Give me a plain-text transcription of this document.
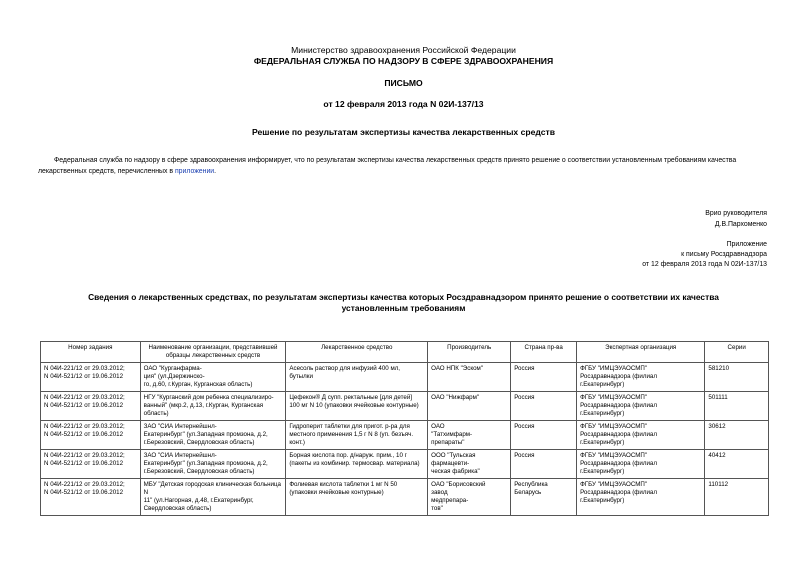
Министерство здравоохранения Российской Федерации
ФЕДЕРАЛЬНАЯ СЛУЖБА ПО НАДЗОРУ В СФЕРЕ ЗДРАВООХРАНЕНИЯ
ПИСЬМО
от 12 февраля 2013 года N 02И-137/13
Решение по результатам экспертизы качества лекарственных средств
Федеральная служба по надзору в сфере здравоохранения информирует, что по результатам экспертизы качества лекарственных средств принято решение о соответствии установленным требованиям качества лекарственных средств, перечисленных в приложении.
Врио руководителя
Д.В.Пархоменко
Приложение
к письму Росздравнадзора
от 12 февраля 2013 года N 02И-137/13
Сведения о лекарственных средствах, по результатам экспертизы качества которых Росздравнадзором принято решение о соответствии их качества установленным требованиям
Номер задания	Наименование организации, представившей образцы лекарственных средств	Лекарственное средство	Производитель	Страна пр-ва	Экспертная организация	Серии
N 04И-221/12 от 29.03.2012;
N 04И-521/12 от 19.06.2012	ОАО "Курганфарма-
ция" (ул.Дзержинско-
го, д.60, г.Курган, Курганская область)	Асесоль раствор для инфузий 400 мл,
бутылки	ОАО НПК "Эском"	Россия	ФГБУ "ИМЦЭУАОСМП"
Росздравнадзора (филиал
г.Екатеринбург)	581210
N 04И-221/12 от 29.03.2012;
N 04И-521/12 от 19.06.2012	НГУ "Курганский дом ребенка специализиро-
ванный" (мкр.2, д.13, г.Курган, Курганская
область)	Цефекон® Д супп. ректальные [для детей]
100 мг N 10 (упаковки ячейковые контурные)	ОАО "Нижфарм"	Россия	ФГБУ "ИМЦЭУАОСМП"
Росздравнадзора (филиал
г.Екатеринбург)	501111
N 04И-221/12 от 29.03.2012;
N 04И-521/12 от 19.06.2012	ЗАО "СИА Интернейшнл-
Екатеринбург" (ул.Западная промзона, д.2,
г.Березовский, Свердловская область)	Гидроперит таблетки для пригот. р-ра для
местного применения 1,5 г N 8 (уп. безъяч.
конт.)	ОАО
"Татхимфарм-
препараты"	Россия	ФГБУ "ИМЦЭУАОСМП"
Росздравнадзора (филиал
г.Екатеринбург)	30612
N 04И-221/12 от 29.03.2012;
N 04И-521/12 от 19.06.2012	ЗАО "СИА Интернейшнл-
Екатеринбург" (ул.Западная промзона, д.2,
г.Березовский, Свердловская область)	Борная кислота пор. д/наруж. прим., 10 г
(пакеты из комбинир. термосвар. материала)	ООО "Тульская
фармацевти-
ческая фабрика"	Россия	ФГБУ "ИМЦЭУАОСМП"
Росздравнадзора (филиал
г.Екатеринбург)	40412
N 04И-221/12 от 29.03.2012;
N 04И-521/12 от 19.06.2012	МБУ "Детская городская клиническая больница N
11" (ул.Нагорная, д.48, г.Екатеринбург,
Свердловская область)	Фолиевая кислота таблетки 1 мг N 50
(упаковки ячейковые контурные)	ОАО "Борисовский
завод
медпрепара-
тов"	Республика
Беларусь	ФГБУ "ИМЦЭУАОСМП"
Росздравнадзора (филиал
г.Екатеринбург)	110112
